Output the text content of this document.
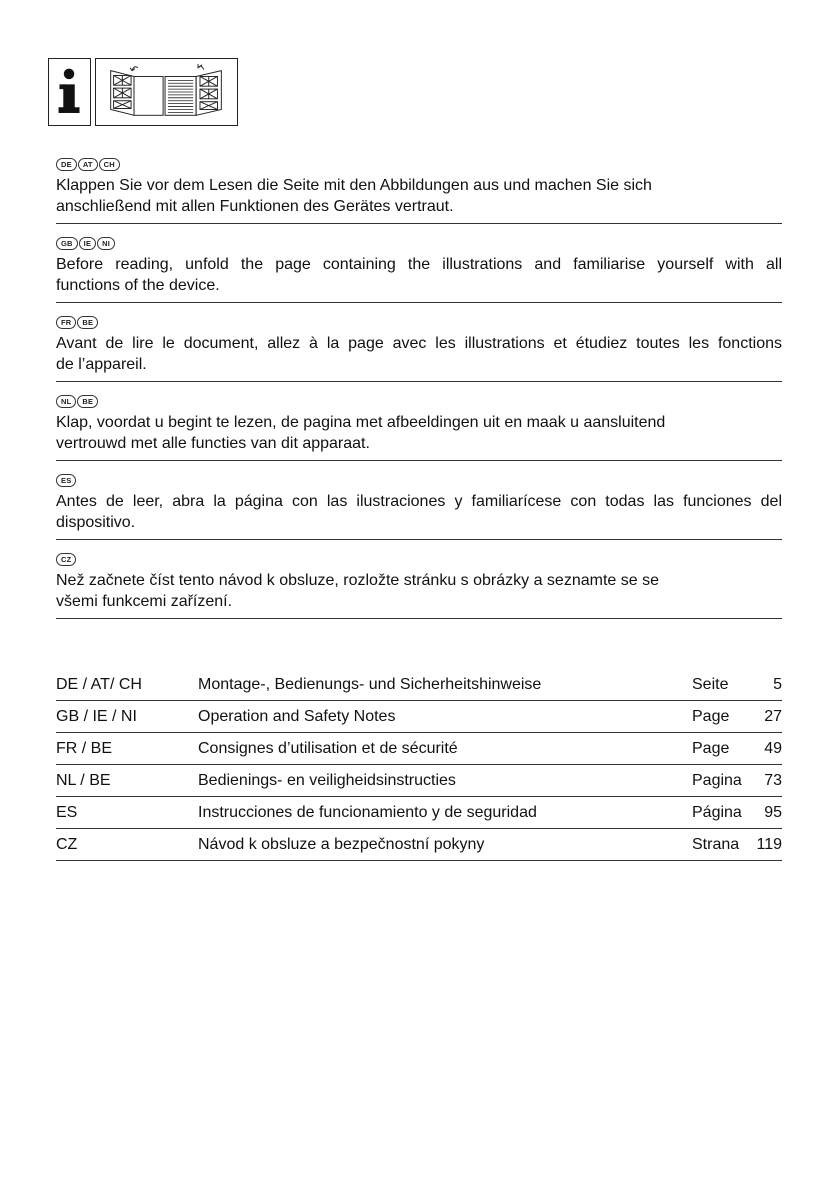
DE	AT	CH

Klappen Sie vor dem Lesen die Seite mit den Abbildungen aus und machen Sie sich

anschließend mit allen Funktionen des Gerätes vertraut.

GB	IE	NI

Before reading, unfold the page containing the illustrations and familiarise yourself with all

functions of the device.

FR	BE

Avant de lire le document, allez à la page avec les illustrations et étudiez toutes les fonctions

de l’appareil.

NL	BE

Klap, voordat u begint te lezen, de pagina met afbeeldingen uit en maak u aansluitend

vertrouwd met alle functies van dit apparaat.

ES

Antes de leer, abra la página con las ilustraciones y familiarícese con todas las funciones del

dispositivo.

CZ

Než začnete číst tento návod k obsluze, rozložte stránku s obrázky a seznamte se se

všemi funkcemi zařízení.

DE / AT/ CH	Montage-, Bedienungs- und Sicherheitshinweise	Seite	5
GB / IE / NI	Operation and Safety Notes	Page	27
FR / BE	Consignes d’utilisation et de sécurité	Page	49
NL / BE	Bedienings- en veiligheidsinstructies	Pagina	73
ES	Instrucciones de funcionamiento y de seguridad	Página	95
CZ	Návod k obsluze a bezpečnostní pokyny	Strana	119
